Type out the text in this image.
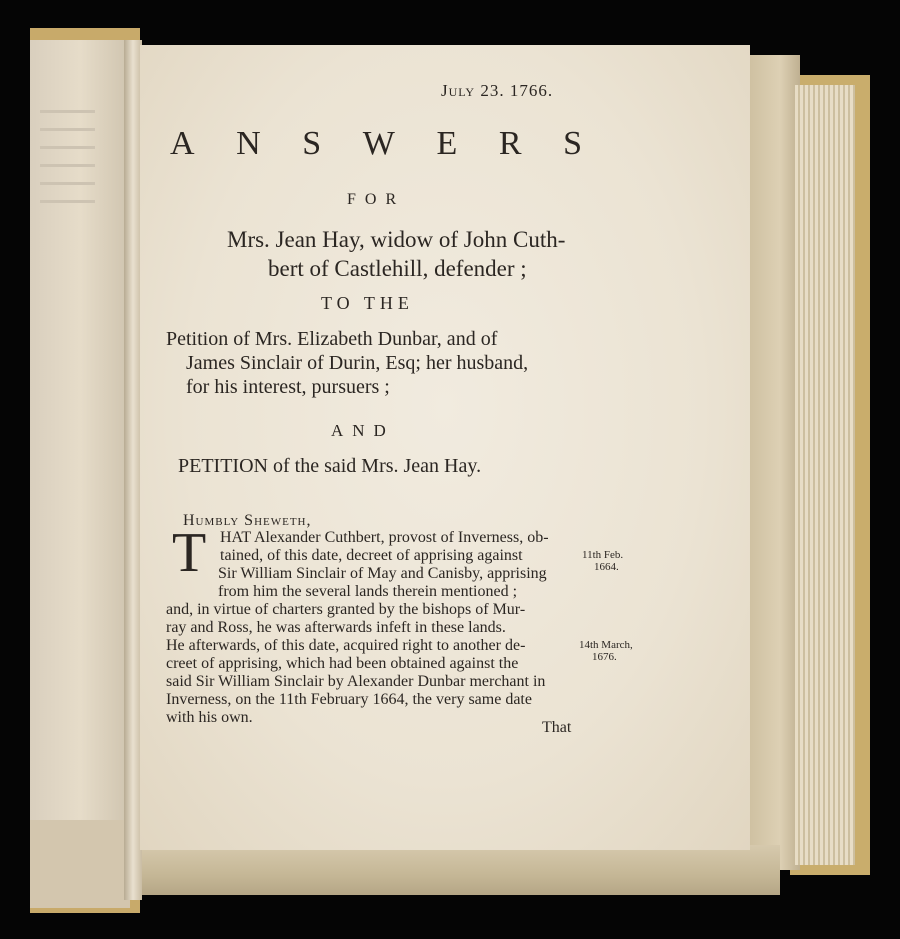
July 23. 1766.
A N S W E R S
FOR
Mrs. Jean Hay, widow of John Cuth-
bert of Castlehill, defender ;
TO THE
Petition of Mrs. Elizabeth Dunbar, and of
James Sinclair of Durin, Esq; her husband,
for his interest, pursuers ;
AND
PETITION of the said Mrs. Jean Hay.
Humbly Sheweth,
T HAT Alexander Cuthbert, provost of Inverness, ob-
tained, of this date, decreet of apprising against
Sir William Sinclair of May and Canisby, apprising
from him the several lands therein mentioned ;
and, in virtue of charters granted by the bishops of Mur-
ray and Ross, he was afterwards infeft in these lands.
He afterwards, of this date, acquired right to another de-
creet of apprising, which had been obtained against the
said Sir William Sinclair by Alexander Dunbar merchant in
Inverness, on the 11th February 1664, the very same date
with his own.
That
11th Feb.
1664.
14th March,
1676.
